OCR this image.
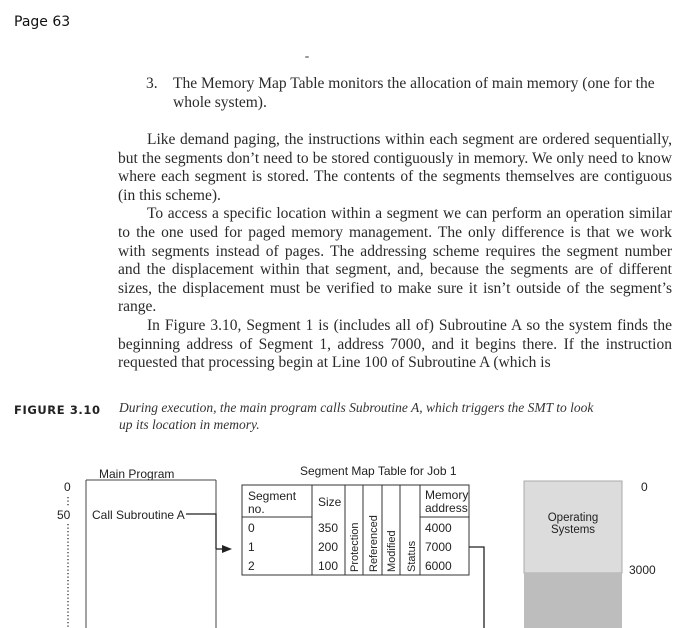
Page 63
3. The Memory Map Table monitors the allocation of main memory (one for the whole system).

Like demand paging, the instructions within each segment are ordered sequentially, but the segments don’t need to be stored contiguously in memory. We only need to know where each segment is stored. The contents of the segments themselves are contiguous (in this scheme).

To access a specific location within a segment we can perform an operation similar to the one used for paged memory management. The only difference is that we work with segments instead of pages. The addressing scheme requires the segment number and the displacement within that segment, and, because the segments are of different sizes, the displacement must be verified to make sure it isn’t outside of the segment’s range.

In Figure 3.10, Segment 1 is (includes all of) Subroutine A so the system finds the beginning address of Segment 1, address 7000, and it begins there. If the instruction requested that processing begin at Line 100 of Subroutine A (which is

FIGURE 3.10 During execution, the main program calls Subroutine A, which triggers the SMT to look up its location in memory.
Main Program
0
50 Call Subroutine A
Segment Map Table for Job 1
Segment
no.	Size	Memory
address
Protection Referenced Modified Status
0	350	4000
1	200	7000
2	100	6000
Operating
Systems
0
3000
